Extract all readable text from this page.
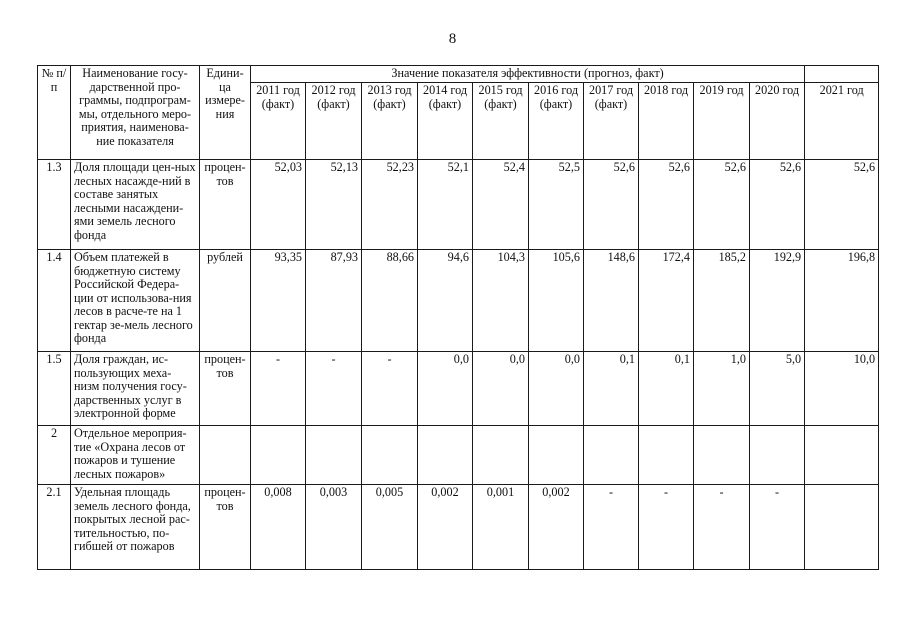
8
№ п/п	Наименование госу-дарственной про-граммы, подпрограм-мы, отдельного меро-приятия, наименова-ние показателя	Едини-ца измере-ния	Значение показателя эффективности (прогноз, факт)											
			2011 год (факт)	2012 год (факт)	2013 год (факт)	2014 год (факт)	2015 год (факт)	2016 год (факт)	2017 год (факт)	2018 год	2019 год	2020 год	2021 год	
1.3	Доля площади цен-ных лесных насажде-ний в составе занятых лесными насаждени-ями земель лесного фонда	процен-тов	52,03	52,13	52,23	52,1	52,4	52,5	52,6	52,6	52,6	52,6	52,6	
1.4	Объем платежей в бюджетную систему Российской Федера-ции от использова-ния лесов в расче-те на 1 гектар зе-мель лесного фонда	рублей	93,35	87,93	88,66	94,6	104,3	105,6	148,6	172,4	185,2	192,9	196,8	
1.5	Доля граждан, ис-пользующих меха-низм получения госу-дарственных услуг в электронной форме	процен-тов	-	-	-	0,0	0,0	0,0	0,1	0,1	1,0	5,0	10,0	
2	Отдельное мероприя-тие «Охрана лесов от пожаров и тушение лесных пожаров»													
2.1	Удельная площадь земель лесного фонда, покрытых лесной рас-тительностью, по-гибшей от пожаров	процен-тов	0,008	0,003	0,005	0,002	0,001	0,002	-	-	-	-		
